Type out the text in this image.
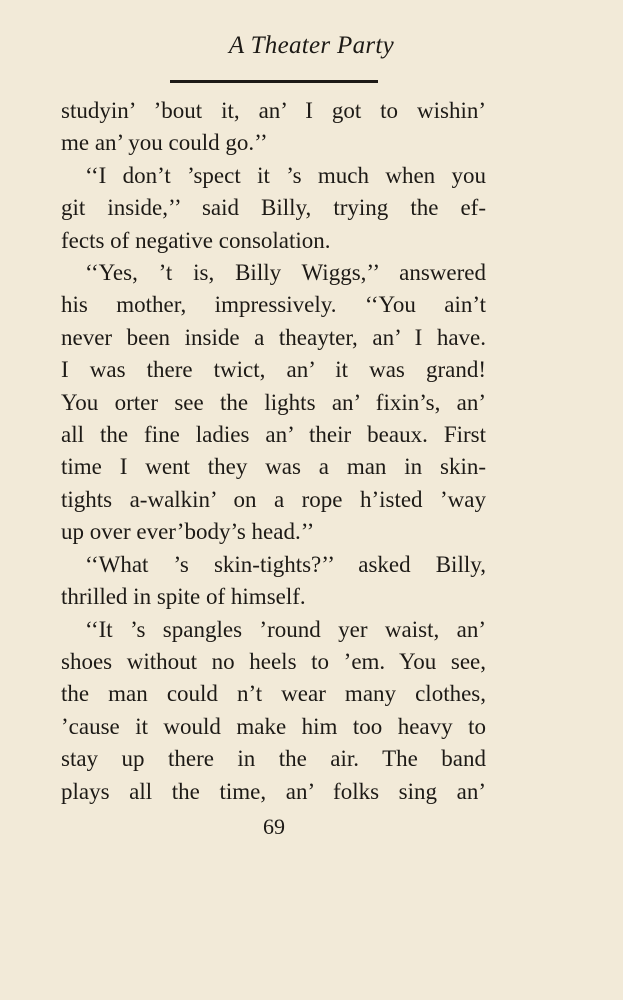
A Theater Party
studyin’ ’bout it, an’ I got to wishin’
me an’ you could go.’’
‘‘I don’t ’spect it ’s much when you
git inside,’’ said Billy, trying the ef-
fects of negative consolation.
‘‘Yes, ’t is, Billy Wiggs,’’ answered
his mother, impressively. ‘‘You ain’t
never been inside a theayter, an’ I have.
I was there twict, an’ it was grand!
You orter see the lights an’ fixin’s, an’
all the fine ladies an’ their beaux. First
time I went they was a man in skin-
tights a-walkin’ on a rope h’isted ’way
up over ever’body’s head.’’
‘‘What ’s skin-tights?’’ asked Billy,
thrilled in spite of himself.
‘‘It ’s spangles ’round yer waist, an’
shoes without no heels to ’em. You see,
the man could n’t wear many clothes,
’cause it would make him too heavy to
stay up there in the air. The band
plays all the time, an’ folks sing an’
69
